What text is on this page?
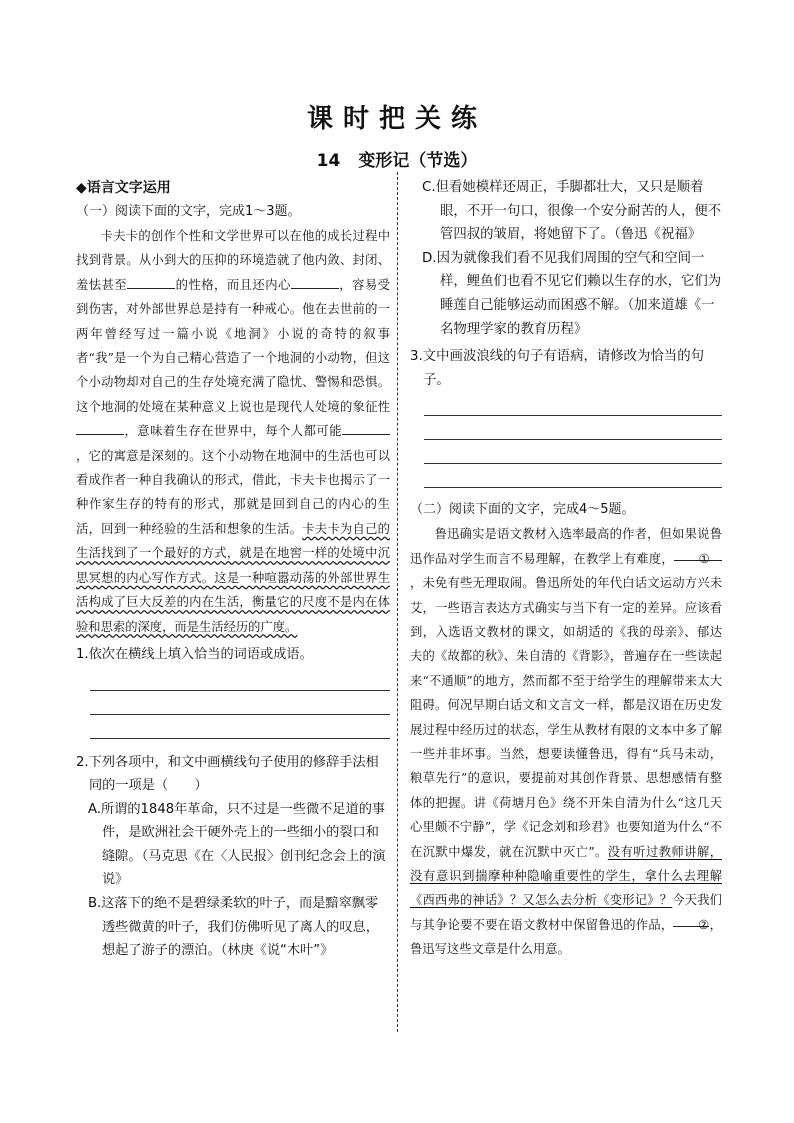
课时把关练
14 变形记（节选）
◆语言文字运用
（一）阅读下面的文字，完成1～3题。
卡夫卡的创作个性和文学世界可以在他的成长过程中找到背景。从小到大的压抑的环境造就了他内敛、封闭、羞怯甚至	的性格，而且还内心	，容易受到伤害，对外部世界总是持有一种戒心。他在去世前的一两年曾经写过一篇小说《地洞》小说的奇特的叙事者“我”是一个为自己精心营造了一个地洞的小动物，但这个小动物却对自己的生存处境充满了隐忧、警惕和恐惧。这个地洞的处境在某种意义上说也是现代人处境的象征性，意味着生存在世界中，每个人都可能，它的寓意是深刻的。这个小动物在地洞中的生活也可以看成作者一种自我确认的形式，借此，卡夫卡也揭示了一种作家生存的特有的形式，那就是回到自己的内心的生活，回到一种经验的生活和想象的生活。卡夫卡为自己的生活找到了一个最好的方式，就是在地窖一样的处境中沉思冥想的内心写作方式。这是一种喧嚣动荡的外部世界生活构成了巨大反差的内在生活，衡量它的尺度不是内在体验和思索的深度，而是生活经历的广度。
1.依次在横线上填入恰当的词语或成语。
2.下列各项中，和文中画横线句子使用的修辞手法相同的一项是（　　）
A.所谓的1848年革命，只不过是一些微不足道的事件，是欧洲社会干硬外壳上的一些细小的裂口和缝隙。（马克思《在〈人民报〉创刊纪念会上的演说》
B.这落下的绝不是碧绿柔软的叶子，而是黯窣飘零透些微黄的叶子，我们仿佛听见了离人的叹息，想起了游子的漂泊。（林庚《说“木叶”》
C.但看她模样还周正，手脚都壮大，又只是顺着眼，不开一句口，很像一个安分耐苦的人，便不管四叔的皱眉，将她留下了。（鲁迅《祝福》
D.因为就像我们看不见我们周围的空气和空间一样，鲤鱼们也看不见它们赖以生存的水，它们为睡莲自己能够运动而困惑不解。（加来道雄《一名物理学家的教育历程》
3.文中画波浪线的句子有语病，请修改为恰当的句子。
（二）阅读下面的文字，完成4～5题。
鲁迅确实是语文教材入选率最高的作者，但如果说鲁迅作品对学生而言不易理解，在教学上有难度， ①，未免有些无理取闹。鲁迅所处的年代白话文运动方兴未艾，一些语言表达方式确实与当下有一定的差异。应该看到，入选语文教材的课文，如胡适的《我的母亲》、郁达夫的《故都的秋》、朱自清的《背影》，普遍存在一些读起来“不通顺”的地方，然而都不至于给学生的理解带来太大阻碍。何况早期白话文和文言文一样，都是汉语在历史发展过程中经历过的状态，学生从教材有限的文本中多了解一些并非坏事。当然，想要读懂鲁迅，得有“兵马未动，粮草先行”的意识，要提前对其创作背景、思想感情有整体的把握。讲《荷塘月色》绕不开朱自清为什么“这几天心里颇不宁静”，学《记念刘和珍君》也要知道为什么“不在沉默中爆发，就在沉默中灭亡”。没有听过教师讲解，没有意识到揣摩种种隐喻重要性的学生，拿什么去理解《西西弗的神话》？又怎么去分析《变形记》？今天我们与其争论要不要在语文教材中保留鲁迅的作品， ②，鲁迅写这些文章是什么用意。
